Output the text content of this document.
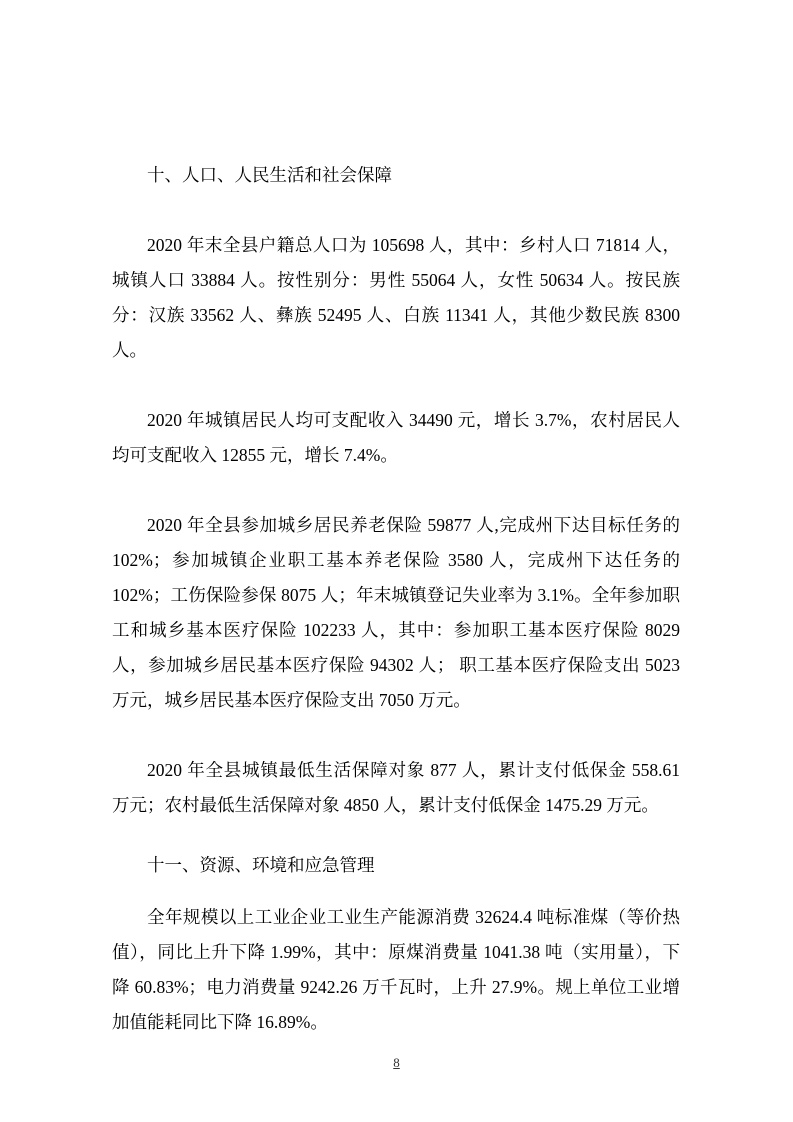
十、人口、人民生活和社会保障

2020 年末全县户籍总人口为 105698 人，其中：乡村人口 71814 人，城镇人口 33884 人。按性别分：男性 55064 人，女性 50634 人。按民族分：汉族 33562 人、彝族 52495 人、白族 11341 人，其他少数民族 8300 人。

2020 年城镇居民人均可支配收入 34490 元，增长 3.7%，农村居民人均可支配收入 12855 元，增长 7.4%。

2020 年全县参加城乡居民养老保险 59877 人,完成州下达目标任务的 102%；参加城镇企业职工基本养老保险 3580 人，完成州下达任务的 102%；工伤保险参保 8075 人；年末城镇登记失业率为 3.1%。全年参加职工和城乡基本医疗保险 102233 人，其中：参加职工基本医疗保险 8029 人，参加城乡居民基本医疗保险 94302 人； 职工基本医疗保险支出 5023 万元，城乡居民基本医疗保险支出 7050 万元。

2020 年全县城镇最低生活保障对象 877 人，累计支付低保金 558.61 万元；农村最低生活保障对象 4850 人，累计支付低保金 1475.29 万元。

十一、资源、环境和应急管理

全年规模以上工业企业工业生产能源消费 32624.4 吨标准煤（等价热值），同比上升下降 1.99%，其中：原煤消费量 1041.38 吨（实用量），下降 60.83%；电力消费量 9242.26 万千瓦时，上升 27.9%。规上单位工业增加值能耗同比下降 16.89%。

8
